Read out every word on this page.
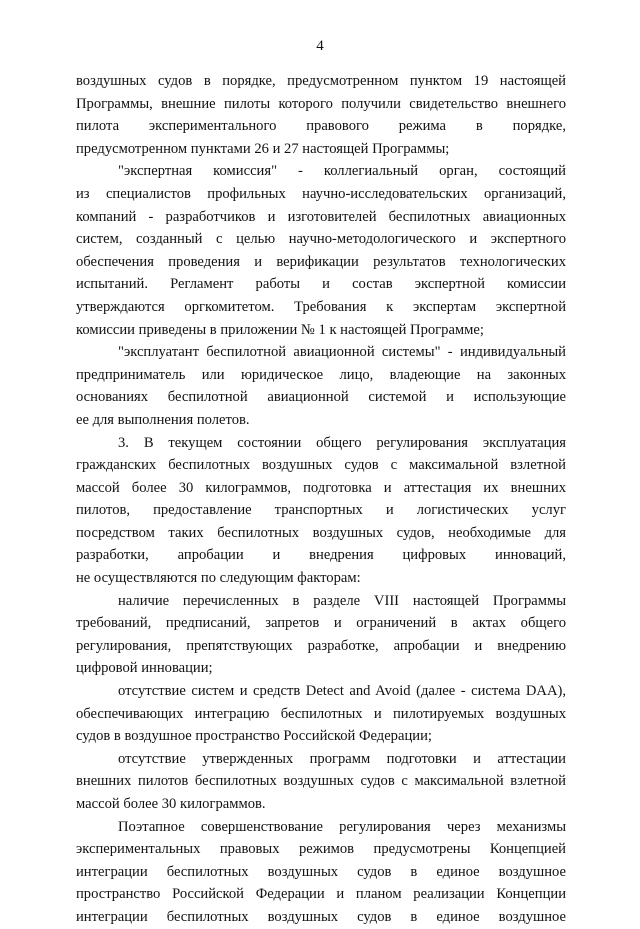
4
воздушных судов в порядке, предусмотренном пунктом 19 настоящей
Программы, внешние пилоты которого получили свидетельство внешнего
пилота экспериментального правового режима в порядке,
предусмотренном пунктами 26 и 27 настоящей Программы;
"экспертная комиссия" - коллегиальный орган, состоящий
из специалистов профильных научно-исследовательских организаций,
компаний - разработчиков и изготовителей беспилотных авиационных
систем, созданный с целью научно-методологического и экспертного
обеспечения проведения и верификации результатов технологических
испытаний. Регламент работы и состав экспертной комиссии
утверждаются оргкомитетом. Требования к экспертам экспертной
комиссии приведены в приложении № 1 к настоящей Программе;
"эксплуатант беспилотной авиационной системы" - индивидуальный
предприниматель или юридическое лицо, владеющие на законных
основаниях беспилотной авиационной системой и использующие
ее для выполнения полетов.
3. В текущем состоянии общего регулирования эксплуатация
гражданских беспилотных воздушных судов с максимальной взлетной
массой более 30 килограммов, подготовка и аттестация их внешних
пилотов, предоставление транспортных и логистических услуг
посредством таких беспилотных воздушных судов, необходимые для
разработки, апробации и внедрения цифровых инноваций,
не осуществляются по следующим факторам:
наличие перечисленных в разделе VIII настоящей Программы
требований, предписаний, запретов и ограничений в актах общего
регулирования, препятствующих разработке, апробации и внедрению
цифровой инновации;
отсутствие систем и средств Detect and Avoid (далее - система DAA),
обеспечивающих интеграцию беспилотных и пилотируемых воздушных
судов в воздушное пространство Российской Федерации;
отсутствие утвержденных программ подготовки и аттестации
внешних пилотов беспилотных воздушных судов с максимальной взлетной
массой более 30 килограммов.
Поэтапное совершенствование регулирования через механизмы
экспериментальных правовых режимов предусмотрены Концепцией
интеграции беспилотных воздушных судов в единое воздушное
пространство Российской Федерации и планом реализации Концепции
интеграции беспилотных воздушных судов в единое воздушное
